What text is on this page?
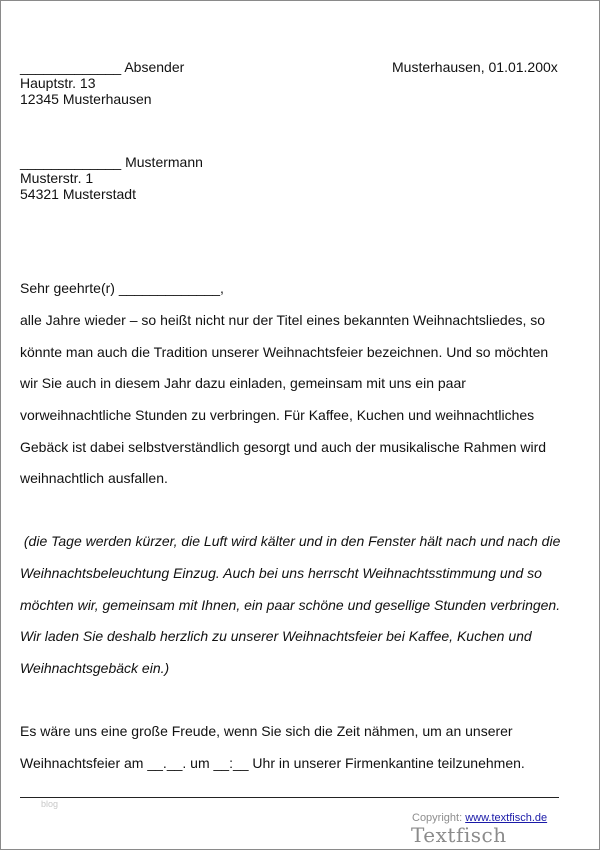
_____________ Absender
Hauptstr. 13
12345 Musterhausen
Musterhausen, 01.01.200x
_____________ Mustermann
Musterstr. 1
54321 Musterstadt
Sehr geehrte(r) _____________,
alle Jahre wieder – so heißt nicht nur der Titel eines bekannten Weihnachtsliedes, so
könnte man auch die Tradition unserer Weihnachtsfeier bezeichnen. Und so möchten
wir Sie auch in diesem Jahr dazu einladen, gemeinsam mit uns ein paar
vorweihnachtliche Stunden zu verbringen. Für Kaffee, Kuchen und weihnachtliches
Gebäck ist dabei selbstverständlich gesorgt und auch der musikalische Rahmen wird
weihnachtlich ausfallen.
(die Tage werden kürzer, die Luft wird kälter und in den Fenster hält nach und nach die
Weihnachtsbeleuchtung Einzug. Auch bei uns herrscht Weihnachtsstimmung und so
möchten wir, gemeinsam mit Ihnen, ein paar schöne und gesellige Stunden verbringen.
Wir laden Sie deshalb herzlich zu unserer Weihnachtsfeier bei Kaffee, Kuchen und
Weihnachtsgebäck ein.)
Es wäre uns eine große Freude, wenn Sie sich die Zeit nähmen, um an unserer
Weihnachtsfeier am __.__. um __:__ Uhr in unserer Firmenkantine teilzunehmen.
blog
Copyright: www.textfisch.de
Textfisch
